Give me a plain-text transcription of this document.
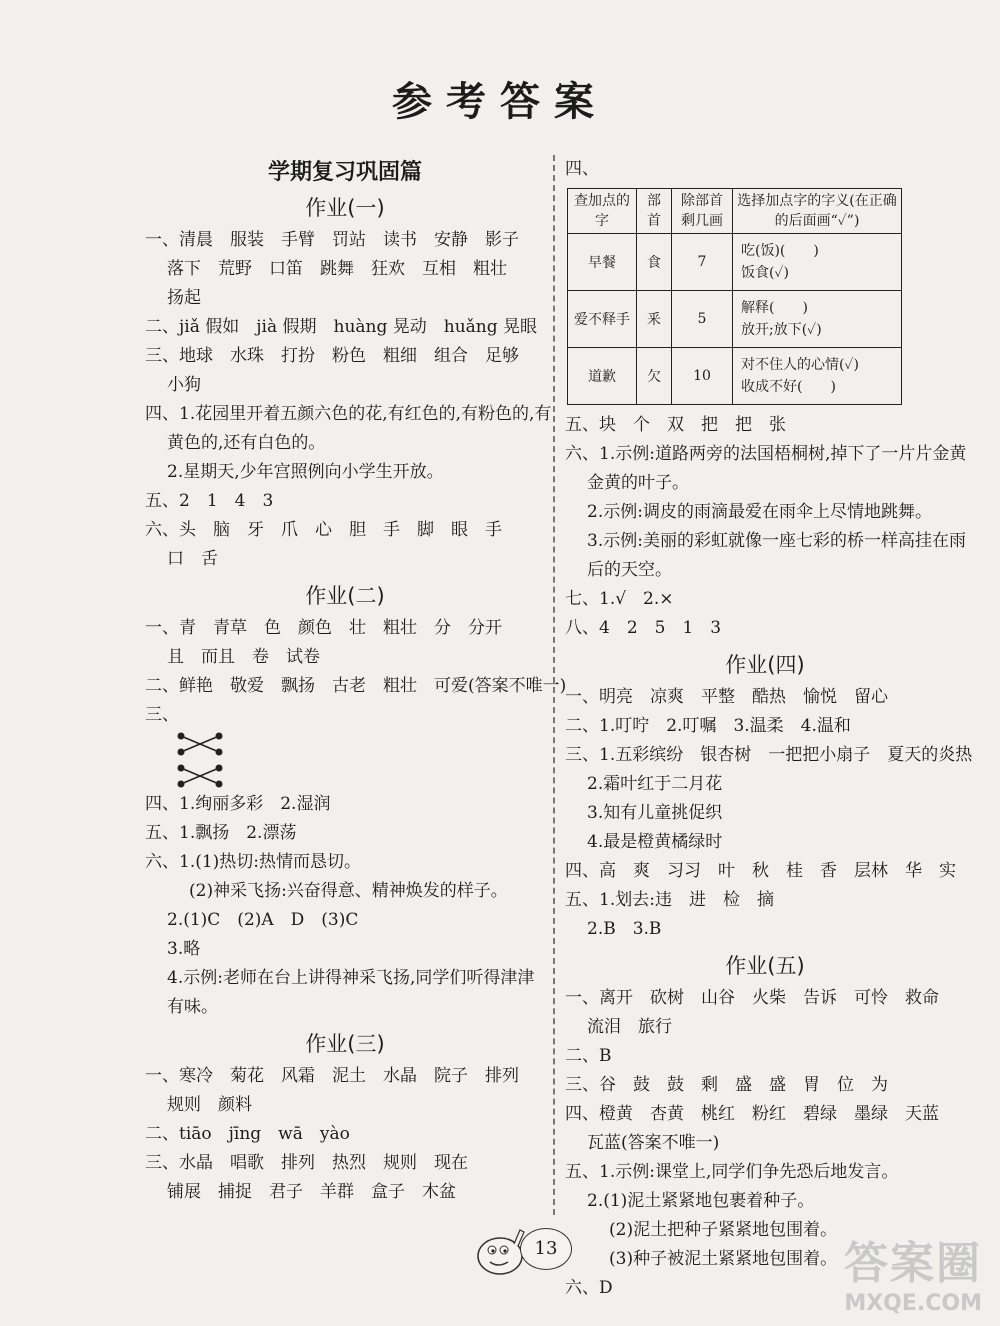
参考答案
学期复习巩固篇
作业(一)
一、清晨　服装　手臂　罚站　读书　安静　影子
落下　荒野　口笛　跳舞　狂欢　互相　粗壮
扬起
二、jiǎ 假如　jià 假期　huàng 晃动　huǎng 晃眼
三、地球　水珠　打扮　粉色　粗细　组合　足够
小狗
四、1.花园里开着五颜六色的花,有红色的,有粉色的,有
黄色的,还有白色的。
2.星期天,少年宫照例向小学生开放。
五、2　1　4　3
六、头　脑　牙　爪　心　胆　手　脚　眼　手
口　舌
作业(二)
一、青　青草　色　颜色　壮　粗壮　分　分开
且　而且　卷　试卷
二、鲜艳　敬爱　飘扬　古老　粗壮　可爱(答案不唯一)
三、
四、1.绚丽多彩　2.湿润
五、1.飘扬　2.漂荡
六、1.(1)热切:热情而恳切。
(2)神采飞扬:兴奋得意、精神焕发的样子。
2.(1)C　(2)A　D　(3)C
3.略
4.示例:老师在台上讲得神采飞扬,同学们听得津津
有味。
作业(三)
一、寒冷　菊花　风霜　泥土　水晶　院子　排列
规则　颜料
二、tiāo　jīng　wā　yào
三、水晶　唱歌　排列　热烈　规则　现在
铺展　捕捉　君子　羊群　盒子　木盆
四、
查加点的字	部首	除部首剩几画	选择加点字的字义(在正确的后面画“✓”)
早餐	食	7	吃(饭)(　　)
饭食(✓)

爱不释手	釆	5	解释(　　)
放开;放下(✓)

道歉	欠	10	对不住人的心情(✓)
收成不好(　　)
五、块　个　双　把　把　张
六、1.示例:道路两旁的法国梧桐树,掉下了一片片金黄
金黄的叶子。
2.示例:调皮的雨滴最爱在雨伞上尽情地跳舞。
3.示例:美丽的彩虹就像一座七彩的桥一样高挂在雨
后的天空。
七、1.√　2.×
八、4　2　5　1　3
作业(四)
一、明亮　凉爽　平整　酷热　愉悦　留心
二、1.叮咛　2.叮嘱　3.温柔　4.温和
三、1.五彩缤纷　银杏树　一把把小扇子　夏天的炎热
2.霜叶红于二月花
3.知有儿童挑促织
4.最是橙黄橘绿时
四、高　爽　习习　叶　秋　桂　香　层林　华　实
五、1.划去:违　进　检　摘
2.B　3.B
作业(五)
一、离开　砍树　山谷　火柴　告诉　可怜　救命
流泪　旅行
二、B
三、谷　鼓　鼓　剩　盛　盛　胃　位　为
四、橙黄　杏黄　桃红　粉红　碧绿　墨绿　天蓝
瓦蓝(答案不唯一)
五、1.示例:课堂上,同学们争先恐后地发言。
2.(1)泥土紧紧地包裹着种子。
(2)泥土把种子紧紧地包围着。
(3)种子被泥土紧紧地包围着。
六、D
13	答案圈
MXQE.COM
